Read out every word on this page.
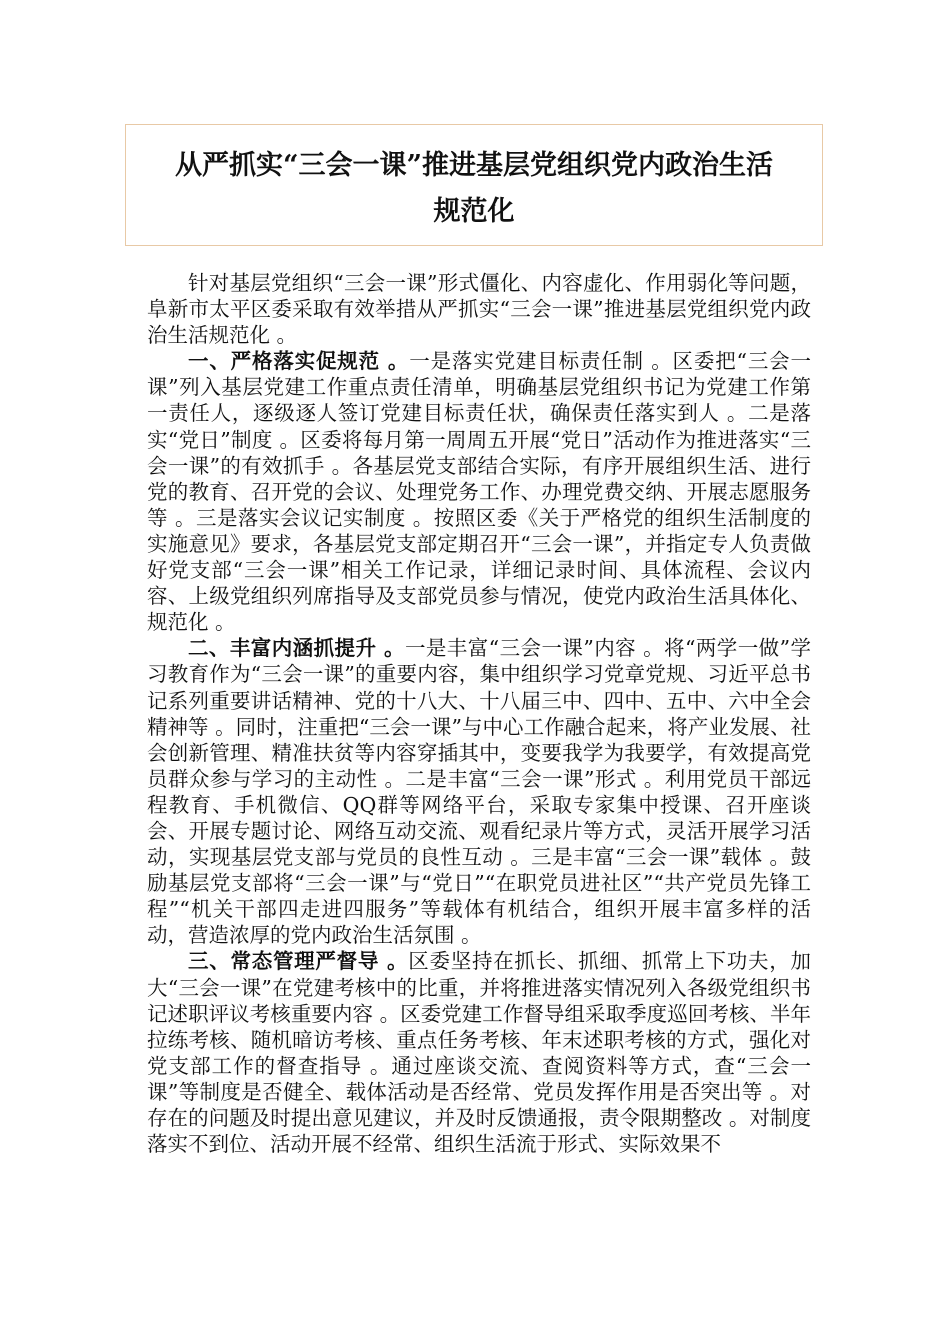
从严抓实“三会一课”推进基层党组织党内政治生活
规范化

针对基层党组织“三会一课”形式僵化、内容虚化、作用弱化等问题，阜新市太平区委采取有效举措从严抓实“三会一课”推进基层党组织党内政治生活规范化 。

一、严格落实促规范 。一是落实党建目标责任制 。区委把“三会一课”列入基层党建工作重点责任清单，明确基层党组织书记为党建工作第一责任人，逐级逐人签订党建目标责任状，确保责任落实到人 。二是落实“党日”制度 。区委将每月第一周周五开展“党日”活动作为推进落实“三会一课”的有效抓手 。各基层党支部结合实际，有序开展组织生活、进行党的教育、召开党的会议、处理党务工作、办理党费交纳、开展志愿服务等 。三是落实会议记实制度 。按照区委《关于严格党的组织生活制度的实施意见》要求，各基层党支部定期召开“三会一课”，并指定专人负责做好党支部“三会一课”相关工作记录，详细记录时间、具体流程、会议内容、上级党组织列席指导及支部党员参与情况，使党内政治生活具体化、规范化 。

二、丰富内涵抓提升 。一是丰富“三会一课”内容 。将“两学一做”学习教育作为“三会一课”的重要内容，集中组织学习党章党规、习近平总书记系列重要讲话精神、党的十八大、十八届三中、四中、五中、六中全会精神等 。同时，注重把“三会一课”与中心工作融合起来，将产业发展、社会创新管理、精准扶贫等内容穿插其中，变要我学为我要学，有效提高党员群众参与学习的主动性 。二是丰富“三会一课”形式 。利用党员干部远程教育、手机微信、QQ群等网络平台，采取专家集中授课、召开座谈会、开展专题讨论、网络互动交流、观看纪录片等方式，灵活开展学习活动，实现基层党支部与党员的良性互动 。三是丰富“三会一课”载体 。鼓励基层党支部将“三会一课”与“党日”“在职党员进社区”“共产党员先锋工程”“机关干部四走进四服务”等载体有机结合，组织开展丰富多样的活动，营造浓厚的党内政治生活氛围 。

三、常态管理严督导 。区委坚持在抓长、抓细、抓常上下功夫，加大“三会一课”在党建考核中的比重，并将推进落实情况列入各级党组织书记述职评议考核重要内容 。区委党建工作督导组采取季度巡回考核、半年拉练考核、随机暗访考核、重点任务考核、年末述职考核的方式，强化对党支部工作的督查指导 。通过座谈交流、查阅资料等方式，查“三会一课”等制度是否健全、载体活动是否经常、党员发挥作用是否突出等 。对存在的问题及时提出意见建议，并及时反馈通报，责令限期整改 。对制度落实不到位、活动开展不经常、组织生活流于形式、实际效果不
